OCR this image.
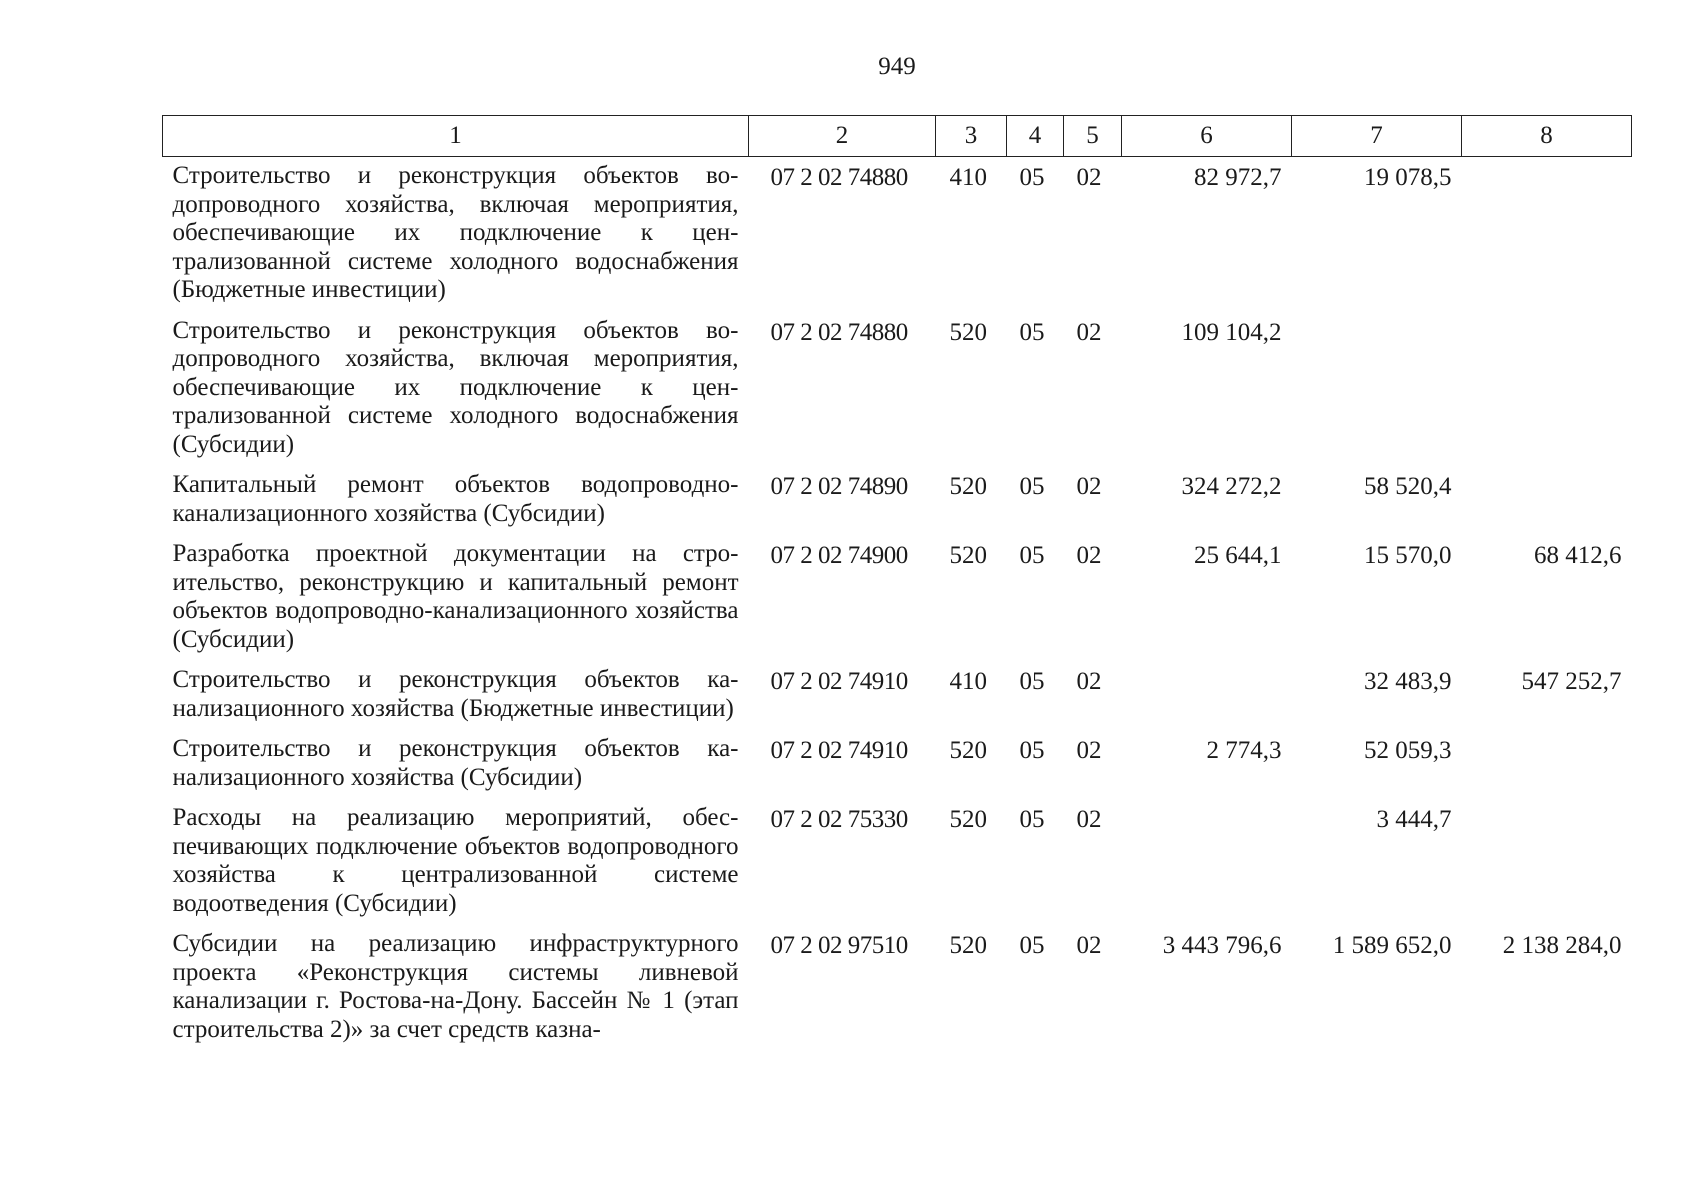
949
1	2	3	4	5	6	7	8
Строительство и реконструкция объектов водопроводного хозяйства, включая мероприятия, обеспечивающие их подключение к централизованной системе холодного водоснабжения (Бюджетные инвестиции)	07 2 02 74880	410	05	02	82 972,7	19 078,5	
Строительство и реконструкция объектов водопроводного хозяйства, включая мероприятия, обеспечивающие их подключение к централизованной системе холодного водоснабжения (Субсидии)	07 2 02 74880	520	05	02	109 104,2		
Капитальный ремонт объектов водопроводно-канализационного хозяйства (Субсидии)	07 2 02 74890	520	05	02	324 272,2	58 520,4	
Разработка проектной документации на строительство, реконструкцию и капитальный ремонт объектов водопроводно-канализационного хозяйства (Субсидии)	07 2 02 74900	520	05	02	25 644,1	15 570,0	68 412,6
Строительство и реконструкция объектов канализационного хозяйства (Бюджетные инвестиции)	07 2 02 74910	410	05	02		32 483,9	547 252,7
Строительство и реконструкция объектов канализационного хозяйства (Субсидии)	07 2 02 74910	520	05	02	2 774,3	52 059,3	
Расходы на реализацию мероприятий, обеспечивающих подключение объектов водопроводного хозяйства к централизованной системе водоотведения (Субсидии)	07 2 02 75330	520	05	02		3 444,7	
Субсидии на реализацию инфраструктурного проекта «Реконструкция системы ливневой канализации г. Ростова-на-Дону. Бассейн № 1 (этап строительства 2)» за счет средств казна-	07 2 02 97510	520	05	02	3 443 796,6	1 589 652,0	2 138 284,0
